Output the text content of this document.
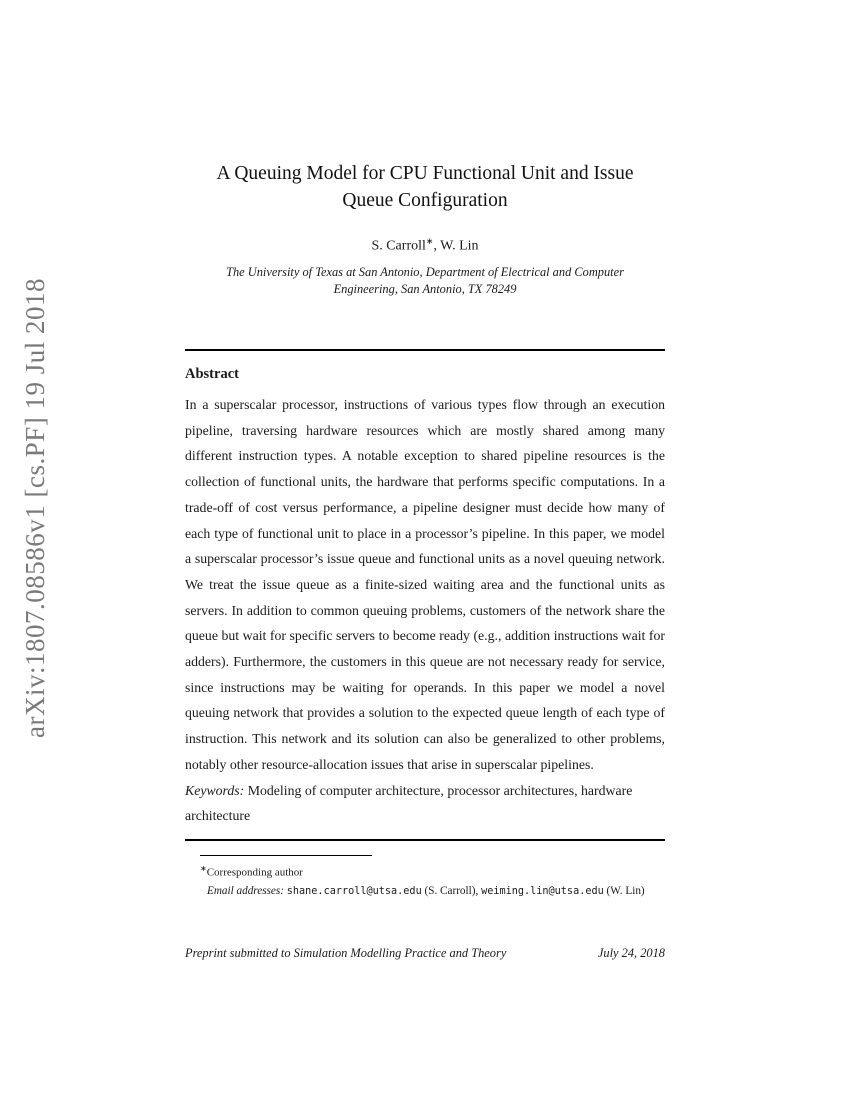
arXiv:1807.08586v1 [cs.PF] 19 Jul 2018
A Queuing Model for CPU Functional Unit and Issue Queue Configuration
S. Carroll∗, W. Lin
The University of Texas at San Antonio, Department of Electrical and Computer Engineering, San Antonio, TX 78249
Abstract

In a superscalar processor, instructions of various types flow through an execution pipeline, traversing hardware resources which are mostly shared among many different instruction types. A notable exception to shared pipeline resources is the collection of functional units, the hardware that performs specific computations. In a trade-off of cost versus performance, a pipeline designer must decide how many of each type of functional unit to place in a processor’s pipeline. In this paper, we model a superscalar processor’s issue queue and functional units as a novel queuing network. We treat the issue queue as a finite-sized waiting area and the functional units as servers. In addition to common queuing problems, customers of the network share the queue but wait for specific servers to become ready (e.g., addition instructions wait for adders). Furthermore, the customers in this queue are not necessary ready for service, since instructions may be waiting for operands. In this paper we model a novel queuing network that provides a solution to the expected queue length of each type of instruction. This network and its solution can also be generalized to other problems, notably other resource-allocation issues that arise in superscalar pipelines.

Keywords: Modeling of computer architecture, processor architectures, hardware architecture

∗Corresponding author
Email addresses: shane.carroll@utsa.edu (S. Carroll), weiming.lin@utsa.edu (W. Lin)
Preprint submitted to Simulation Modelling Practice and Theory	July 24, 2018
